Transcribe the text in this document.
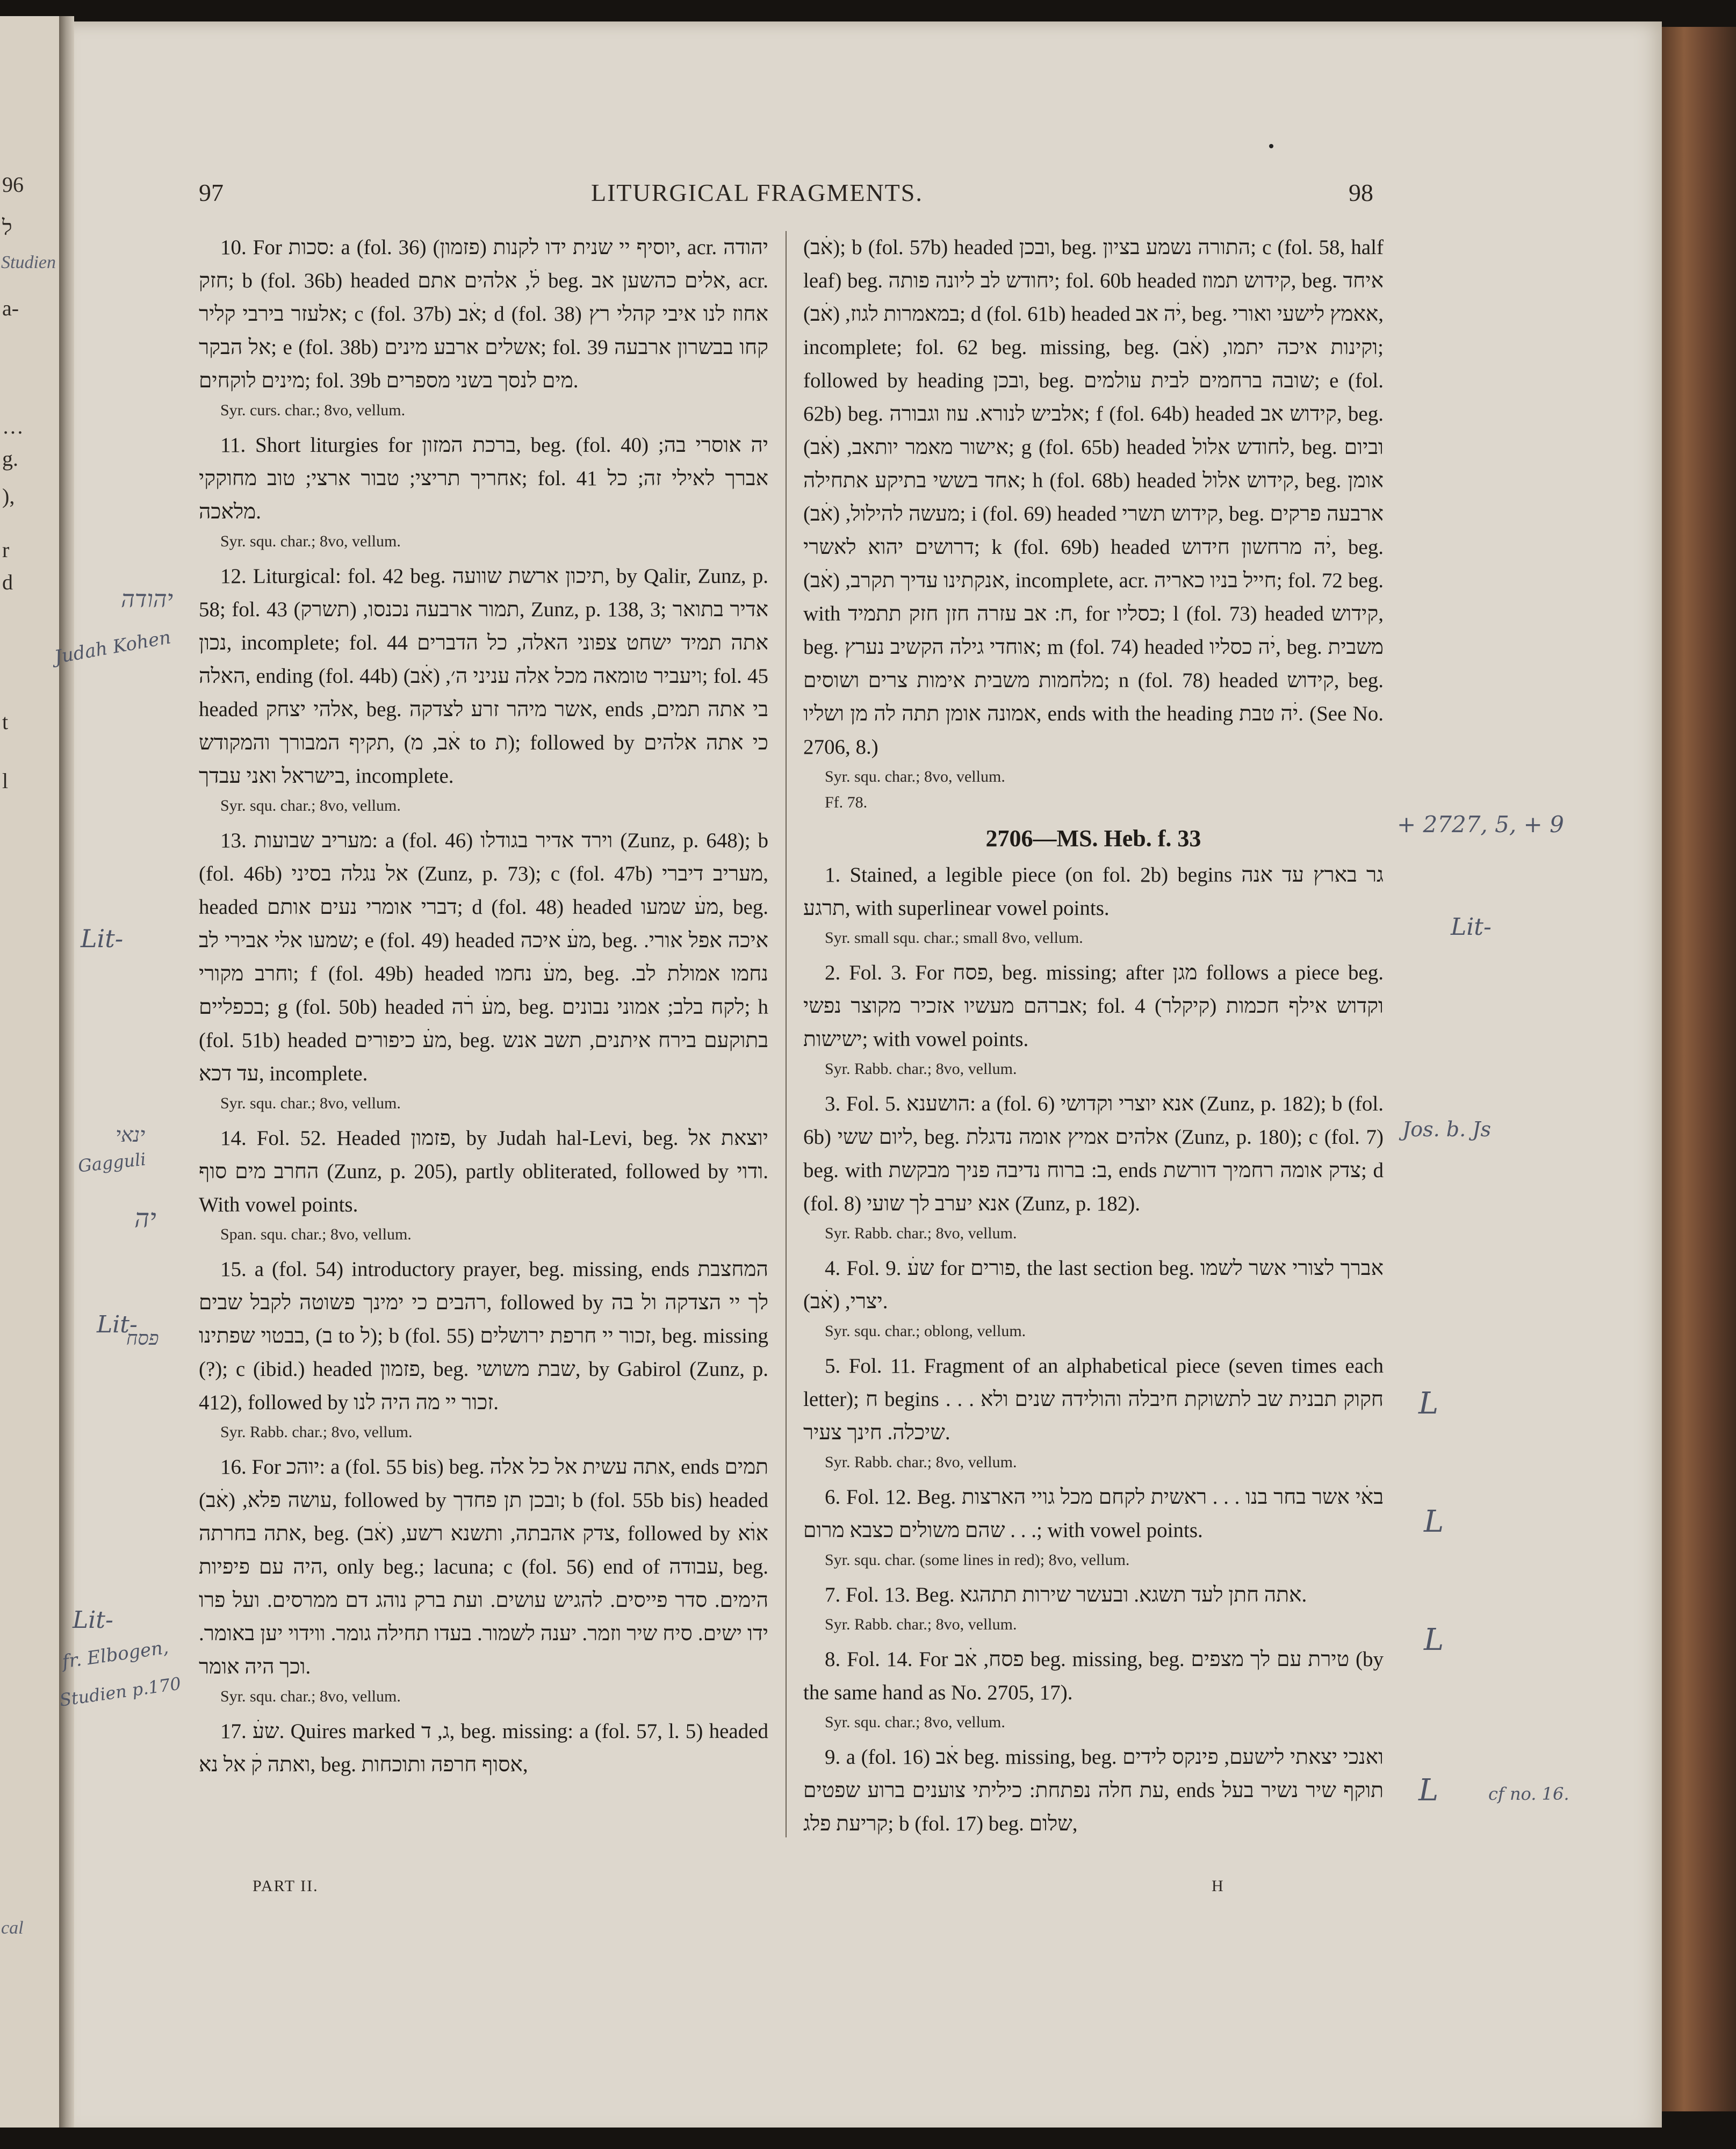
96
ל
Studien
a-
…
g.
),
r
d
t
l
cal
97	LITURGICAL FRAGMENTS.	98

10. For סכות: a (fol. 36) יוסיף יי שנית ידו לקנות (פזמון), acr. יהודה חזק; b (fol. 36b) headed לׄ, אלהים אתם beg. אלים כהשען אב, acr. אלעזר בירבי קליר; c (fol. 37b) אׄב; d (fol. 38) אחוז לנו איבי קהלי רץ אל הבקר; e (fol. 38b) אשלים ארבע מינים; fol. 39 קחו בבשרון ארבעה מינים לוקחים; fol. 39b מים לנסך בשני מספרים.

Syr. curs. char.; 8vo, vellum.

11. Short liturgies for ברכת המזון, beg. (fol. 40) יה אוסרי בה; אחריך תריצי; טבור ארצי; טוב מחוקקי; fol. 41 אברך לאילי זה; כל מלאכה.

Syr. squ. char.; 8vo, vellum.

12. Liturgical: fol. 42 beg. תיכון ארשת שוועה, by Qalir, Zunz, p. 58; fol. 43 תמור ארבעה נכנסו, (תשרק), Zunz, p. 138, 3; אדיר בתואר נכון, incomplete; fol. 44 אתה תמיד ישחט צפוני האלה, כל הדברים האלה, ending (fol. 44b) ויעביר טומאה מכל אלה עניני ה׳, (אׄב); fol. 45 headed אלהי יצחק, beg. אשר מיהר זרע לצדקה, ends בי אתה תמים, תקיף המבורך והמקודש, (אׄב, מ to ת); followed by כי אתה אלהים בישראל ואני עבדך, incomplete.

Syr. squ. char.; 8vo, vellum.

13. מעריב שבועות: a (fol. 46) וירד אדיר בגודלו (Zunz, p. 648); b (fol. 46b) אל נגלה בסיני (Zunz, p. 73); c (fol. 47b) מעריב דיברי, headed דברי אומרי נעים אותם; d (fol. 48) headed מעׄ שמעו, beg. שמעו אלי אבירי לב; e (fol. 49) headed מעׄ איכה, beg. איכה אפל אורי. וחרב מקורי; f (fol. 49b) headed מעׄ נחמו, beg. נחמו אמולת לב. בכפליים; g (fol. 50b) headed מעׄ רׄה, beg. לקח בלב; אמוני נבונים; h (fol. 51b) headed מעׄ כיפורים, beg. בתוקעם בירח איתנים, תשב אנש עד דכא, incomplete.

Syr. squ. char.; 8vo, vellum.

14. Fol. 52. Headed פזמון, by Judah hal-Levi, beg. יוצאת אל החרב מים סוף (Zunz, p. 205), partly obliterated, followed by ודוי. With vowel points.

Span. squ. char.; 8vo, vellum.

15. a (fol. 54) introductory prayer, beg. missing, ends המחצבת רהבים כי ימינך פשוטה לקבל שבים, followed by לך יי הצדקה ול בה בבטוי שפתינו, (ב to ל); b (fol. 55) זכור יי חרפת ירושלים, beg. missing (?); c (ibid.) headed פזמון, beg. שבת משושי, by Gabirol (Zunz, p. 412), followed by זכור יי מה היה לנו.

Syr. Rabb. char.; 8vo, vellum.

16. For יוהכ: a (fol. 55 bis) beg. אתה עשית אל כל אלה, ends תמים עושה פלא, (אׄב), followed by ובכן תן פחדך; b (fol. 55b bis) headed אתה בחרתה, beg. צדק אהבתה, ותשנא רשע, (אׄב), followed by אוׄא היה עם פיפיות, only beg.; lacuna; c (fol. 56) end of עבודה, beg. הימים. סדר פייסים. להגיש עושים. ועת ברק נוהג דם ממרסים. ועל פרו ידו ישים. סיח שיר וזמר. יענה לשמור. בעדו תחילה גומר. ווידוי יען באומר. וכך היה אומר.

Syr. squ. char.; 8vo, vellum.

17. שעׄ. Quires marked ג, ד, beg. missing: a (fol. 57, l. 5) headed ואתה קׄ אל נא, beg. אסוף חרפה ותוכחות,

(אׄב); b (fol. 57b) headed ובכן, beg. התורה נשמע בציון; c (fol. 58, half leaf) beg. יחודש לב ליונה פותה; fol. 60b headed קידוש תמוז, beg. איחד במאמרות לגוז, (אׄב); d (fol. 61b) headed יׄה אב, beg. אאמץ לישעי ואורי, incomplete; fol. 62 beg. missing, beg. וקינות איכה יתמו, (אׄב); followed by heading ובכן, beg. שובה ברחמים לבית עולמים; e (fol. 62b) beg. אלביש לנורא. עוז וגבורה; f (fol. 64b) headed קידוש אב, beg. אישור מאמר יותאב, (אׄב); g (fol. 65b) headed לחודש אלול, beg. וביום אחד בששי בתיקע אתחילה; h (fol. 68b) headed קידוש אלול, beg. אומן מעשה להילול, (אׄב); i (fol. 69) headed קידוש תשרי, beg. ארבעה פרקים דרושים יהוא לאשרי; k (fol. 69b) headed יׄה מרחשון חידוש, beg. אנקתינו עדיך תקרב, (אׄב), incomplete, acr. חייל בניו כאריה; fol. 72 beg. with ח: אב עזרה חזן חזק תתמיד, for כסליו; l (fol. 73) headed קידוש, beg. אוחדי גילה הקשיב נערץ; m (fol. 74) headed יׄה כסליו, beg. משבית מלחמות משבית אימות צרים ושוסים; n (fol. 78) headed קידוש, beg. אמונה אומן תתה לה מן ושליו, ends with the heading יׄה טבת. (See No. 2706, 8.)

Syr. squ. char.; 8vo, vellum.

Ff. 78.

2706—MS. Heb. f. 33

1. Stained, a legible piece (on fol. 2b) begins גר בארץ עד אנה תרגע, with superlinear vowel points.

Syr. small squ. char.; small 8vo, vellum.

2. Fol. 3. For פסח, beg. missing; after מגן follows a piece beg. אברהם מעשיו אזכיר מקוצר נפשי; fol. 4 (קיקלר) וקדוש אילף חכמות ישישות; with vowel points.

Syr. Rabb. char.; 8vo, vellum.

3. Fol. 5. הושענא: a (fol. 6) אנא יוצרי וקדושי (Zunz, p. 182); b (fol. 6b) ליום ששי, beg. אלהים אמיץ אומה נדגלת (Zunz, p. 180); c (fol. 7) beg. with ב: ברוח נדיבה פניך מבקשת, ends צדק אומה רחמיך דורשת; d (fol. 8) אנא יערב לך שועי (Zunz, p. 182).

Syr. Rabb. char.; 8vo, vellum.

4. Fol. 9. שעׄ for פורים, the last section beg. אברך לצורי אשר לשמו יצרי, (אׄב).

Syr. squ. char.; oblong, vellum.

5. Fol. 11. Fragment of an alphabetical piece (seven times each letter); ח begins . . . חקוק תבנית שב לתשוקת חיבלה והולידה שנים ולא שיכלה. חינך צעיר.

Syr. Rabb. char.; 8vo, vellum.

6. Fol. 12. Beg. באׄי אשר בחר בנו . . . ראשית לקחם מכל גויי הארצות שהם משולים כצבא מרום . . .; with vowel points.

Syr. squ. char. (some lines in red); 8vo, vellum.

7. Fol. 13. Beg. אתה חתן לעד תשגא. ובעשר שירות תתהגא.

Syr. Rabb. char.; 8vo, vellum.

8. Fol. 14. For פסח, אׄב beg. missing, beg. טירת עם לך מצפים (by the same hand as No. 2705, 17).

Syr. squ. char.; 8vo, vellum.

9. a (fol. 16) אׄב beg. missing, beg. ואנכי יצאתי לישעם, פינקס לידים עת חלה נפתחת: כיליתי צוענים ברוע שפטים, ends תוקף שיר נשיר בעל קריעת פלג; b (fol. 17) beg. שלום,

PART II.	H
יהודה
Judah Kohen
Lit-
ינאי
Gagguli
יה
Lit-
פסח
Lit-
fr. Elbogen,
Studien p.170
+ 2727, 5, + 9
Lit-
Jos. b. Js
L
L
L
L	cf no. 16.
